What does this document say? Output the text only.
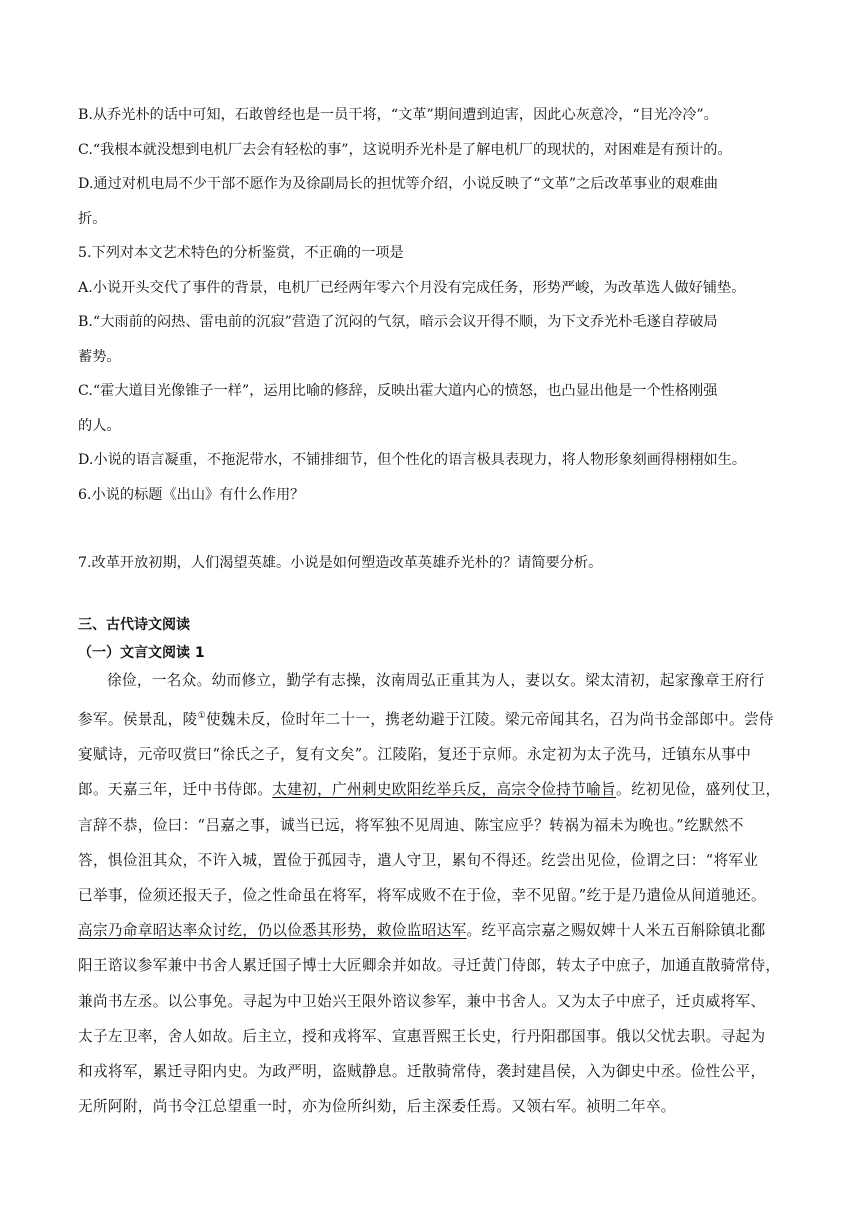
B.从乔光朴的话中可知，石敢曾经也是一员干将，“文革”期间遭到迫害，因此心灰意冷，“目光冷冷”。

C.“我根本就没想到电机厂去会有轻松的事”，这说明乔光朴是了解电机厂的现状的，对困难是有预计的。

D.通过对机电局不少干部不愿作为及徐副局长的担忧等介绍，小说反映了“文革”之后改革事业的艰难曲

折。

5.下列对本文艺术特色的分析鉴赏，不正确的一项是

A.小说开头交代了事件的背景，电机厂已经两年零六个月没有完成任务，形势严峻，为改革选人做好铺垫。

B.“大雨前的闷热、雷电前的沉寂”营造了沉闷的气氛，暗示会议开得不顺，为下文乔光朴毛遂自荐破局

蓄势。

C.“霍大道目光像锥子一样”，运用比喻的修辞，反映出霍大道内心的愤怒，也凸显出他是一个性格刚强

的人。

D.小说的语言凝重，不拖泥带水，不铺排细节，但个性化的语言极具表现力，将人物形象刻画得栩栩如生。

6.小说的标题《出山》有什么作用？

7.改革开放初期，人们渴望英雄。小说是如何塑造改革英雄乔光朴的？请简要分析。

三、古代诗文阅读
（一）文言文阅读 1

徐俭，一名众。幼而修立，勤学有志操，汝南周弘正重其为人，妻以女。梁太清初，起家豫章王府行

参军。侯景乱，陵①使魏未反，俭时年二十一，携老幼避于江陵。梁元帝闻其名，召为尚书金部郎中。尝侍

宴赋诗，元帝叹赏曰“徐氏之子，复有文矣”。江陵陷，复还于京师。永定初为太子洗马，迁镇东从事中

郎。天嘉三年，迁中书侍郎。太建初，广州刺史欧阳纥举兵反，高宗令俭持节喻旨。纥初见俭，盛列仗卫，

言辞不恭，俭曰：“吕嘉之事，诚当已远，将军独不见周迪、陈宝应乎？转祸为福未为晚也。”纥默然不

答，惧俭沮其众，不许入城，置俭于孤园寺，遣人守卫，累旬不得还。纥尝出见俭，俭谓之曰：“将军业

已举事，俭须还报天子，俭之性命虽在将军，将军成败不在于俭，幸不见留。”纥于是乃遣俭从间道驰还。

高宗乃命章昭达率众讨纥，仍以俭悉其形势，敕俭监昭达军。纥平高宗嘉之赐奴婢十人米五百斛除镇北鄱

阳王谘议参军兼中书舍人累迁国子博士大匠卿余并如故。寻迁黄门侍郎，转太子中庶子，加通直散骑常侍，

兼尚书左丞。以公事免。寻起为中卫始兴王限外谘议参军，兼中书舍人。又为太子中庶子，迁贞威将军、

太子左卫率，舍人如故。后主立，授和戎将军、宣惠晋熙王长史，行丹阳郡国事。俄以父忧去职。寻起为

和戎将军，累迁寻阳内史。为政严明，盗贼静息。迁散骑常侍，袭封建昌侯，入为御史中丞。俭性公平，

无所阿附，尚书令江总望重一时，亦为俭所纠劾，后主深委任焉。又领右军。祯明二年卒。
